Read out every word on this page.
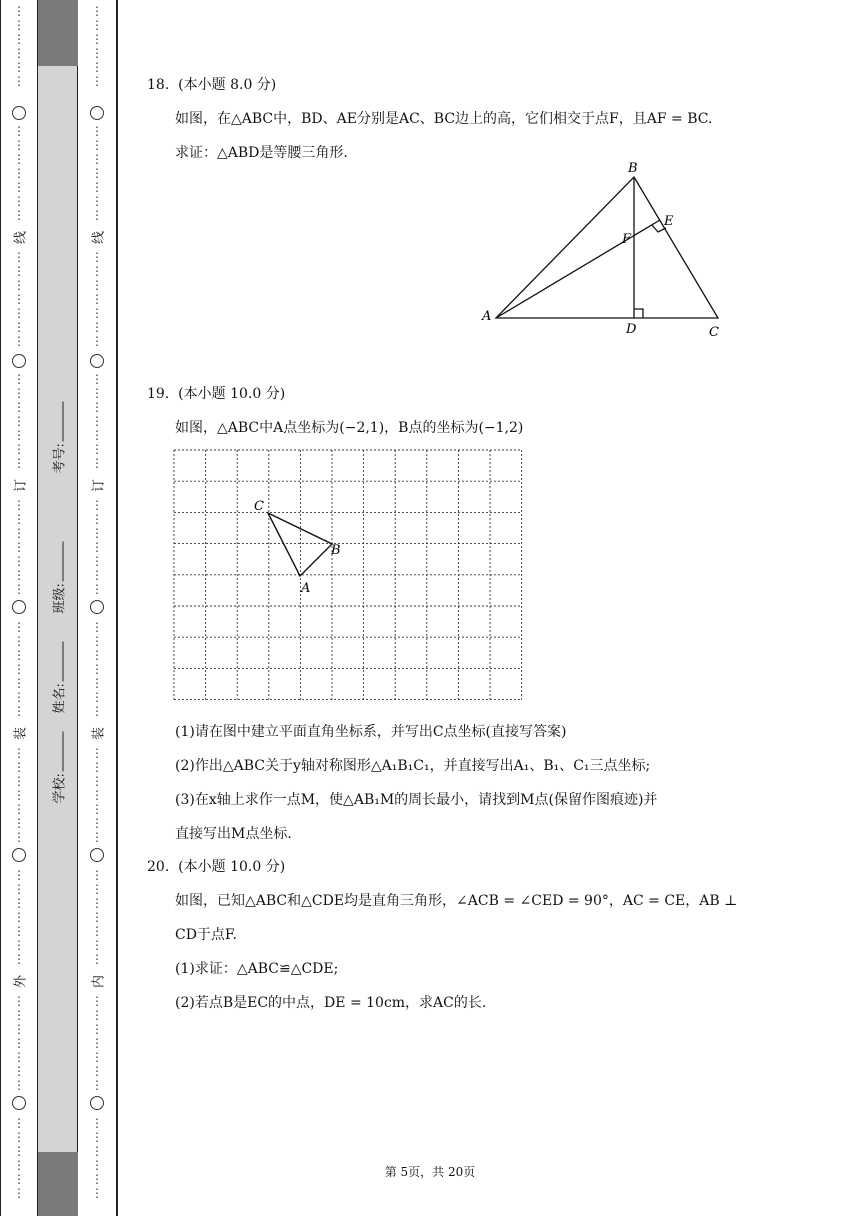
⋮
⋮
⋮
⋮
⋮
⋮
⋮
⋮
⋮
⋮
⋮
⋮
⋮
线
⋮
⋮
⋮
⋮
⋮
⋮
⋮
⋮
⋮
⋮
⋮
⋮
⋮
⋮
订
⋮
⋮
⋮
⋮
⋮
⋮
⋮
⋮
⋮
⋮
⋮
⋮
⋮
⋮
装
⋮
⋮
⋮
⋮
⋮
⋮
⋮
⋮
⋮
⋮
⋮
⋮
⋮
⋮
外
⋮
⋮
⋮
⋮
⋮
⋮
⋮
⋮
⋮
⋮
⋮
⋮
⋮
学校:
姓名:
班级:
考号:
⋮
⋮
⋮
⋮
⋮
⋮
⋮
⋮
⋮
⋮
⋮
⋮
⋮
线
⋮
⋮
⋮
⋮
⋮
⋮
⋮
⋮
⋮
⋮
⋮
⋮
⋮
⋮
订
⋮
⋮
⋮
⋮
⋮
⋮
⋮
⋮
⋮
⋮
⋮
⋮
⋮
⋮
装
⋮
⋮
⋮
⋮
⋮
⋮
⋮
⋮
⋮
⋮
⋮
⋮
⋮
⋮
内
⋮
⋮
⋮
⋮
⋮
⋮
⋮
⋮
⋮
⋮
⋮
⋮
⋮
18. (本小题 8.0 分)
如图，在△ABC中，BD、AE分别是AC、BC边上的高，它们相交于点F，且AF = BC.
求证：△ABD是等腰三角形.
A
B
C
D
E
F
19. (本小题 10.0 分)
如图，△ABC中A点坐标为(−2,1)，B点的坐标为(−1,2)
C
B
A
(1)请在图中建立平面直角坐标系，并写出C点坐标(直接写答案)
(2)作出△ABC关于y轴对称图形△A₁B₁C₁，并直接写出A₁、B₁、C₁三点坐标;
(3)在x轴上求作一点M，使△AB₁M的周长最小，请找到M点(保留作图痕迹)并
直接写出M点坐标.
20. (本小题 10.0 分)
如图，已知△ABC和△CDE均是直角三角形，∠ACB = ∠CED = 90°，AC = CE，AB ⊥
CD于点F.
(1)求证：△ABC≌△CDE;
(2)若点B是EC的中点，DE = 10cm，求AC的长.
第 5页，共 20页
